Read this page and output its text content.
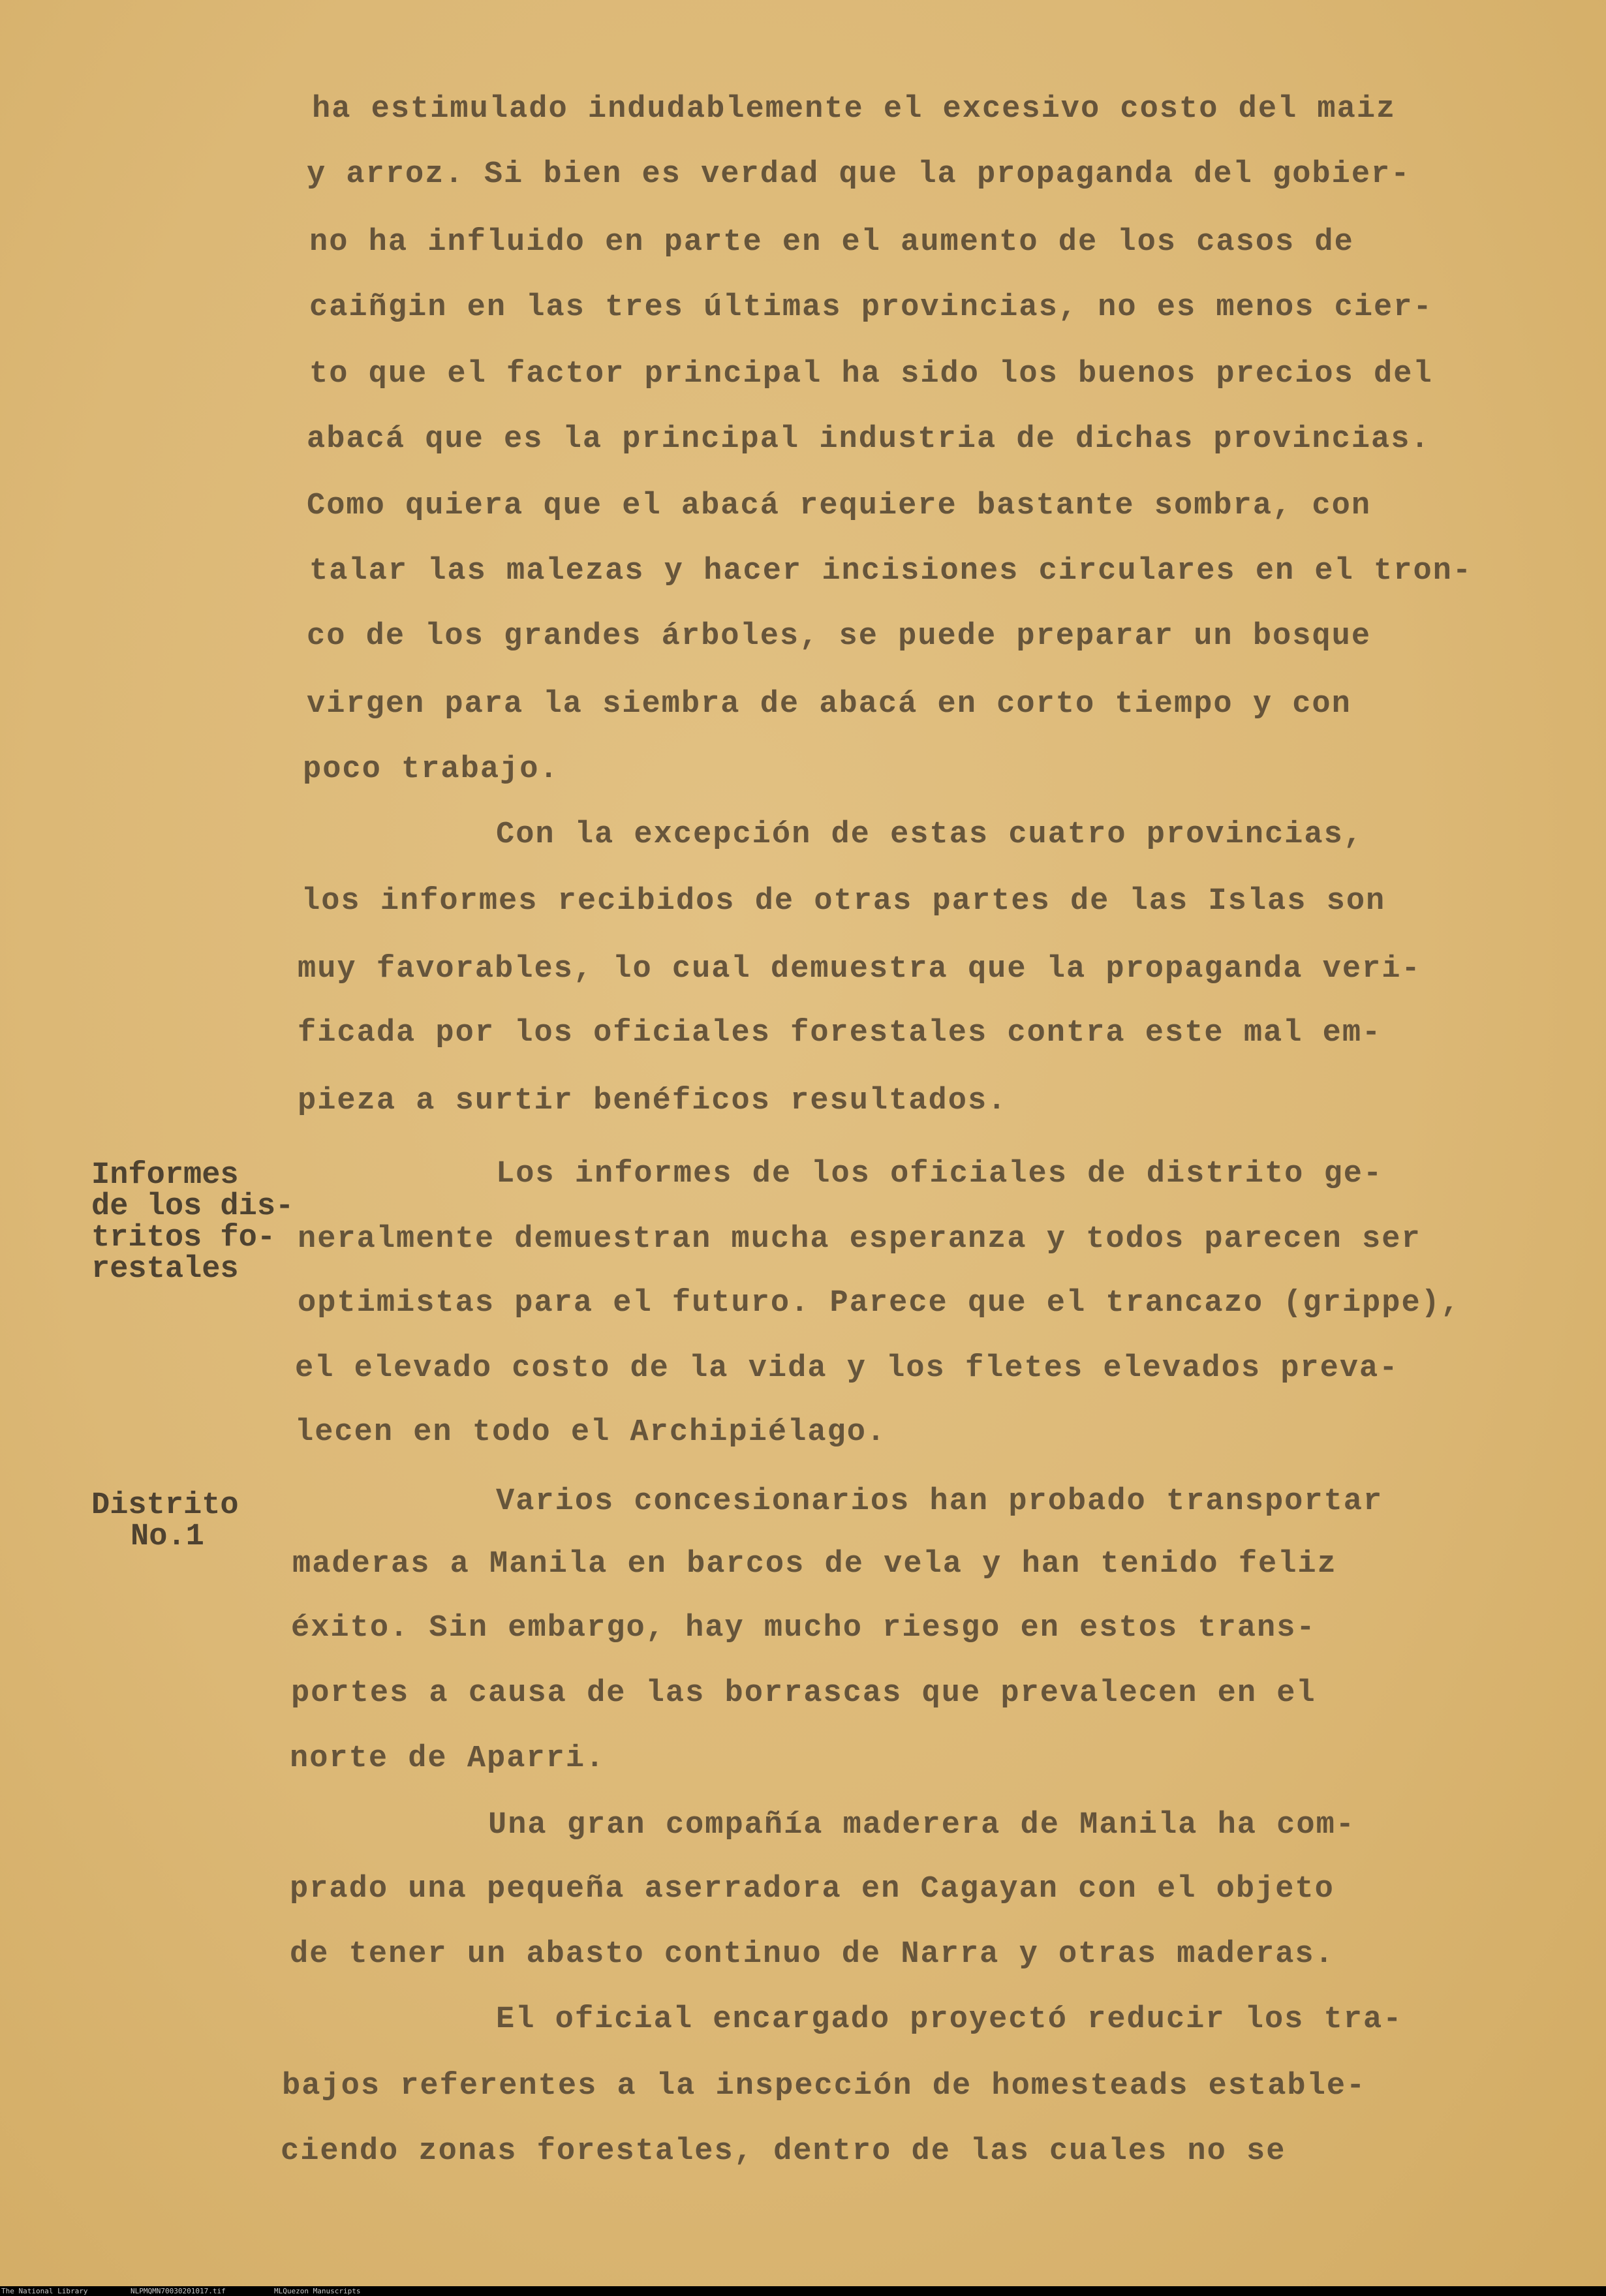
ha estimulado indudablemente el excesivo costo del maiz
y arroz. Si bien es verdad que la propaganda del gobier-
no ha influido en parte en el aumento de los casos de
caiñgin en las tres últimas provincias, no es menos cier-
to que el factor principal ha sido los buenos precios del
abacá que es la principal industria de dichas provincias.
Como quiera que el abacá requiere bastante sombra, con
talar las malezas y hacer incisiones circulares en el tron-
co de los grandes árboles, se puede preparar un bosque
virgen para la siembra de abacá en corto tiempo y con
poco trabajo.
Con la excepción de estas cuatro provincias,
los informes recibidos de otras partes de las Islas son
muy favorables, lo cual demuestra que la propaganda veri-
ficada por los oficiales forestales contra este mal em-
pieza a surtir benéficos resultados.
Los informes de los oficiales de distrito ge-
neralmente demuestran mucha esperanza y todos parecen ser
optimistas para el futuro. Parece que el trancazo (grippe),
el elevado costo de la vida y los fletes elevados preva-
lecen en todo el Archipiélago.
Varios concesionarios han probado transportar
maderas a Manila en barcos de vela y han tenido feliz
éxito. Sin embargo, hay mucho riesgo en estos trans-
portes a causa de las borrascas que prevalecen en el
norte de Aparri.
Una gran compañía maderera de Manila ha com-
prado una pequeña aserradora en Cagayan con el objeto
de tener un abasto continuo de Narra y otras maderas.
El oficial encargado proyectó reducir los tra-
bajos referentes a la inspección de homesteads estable-
ciendo zonas forestales, dentro de las cuales no se
Informes
de los dis-
tritos fo-
restales
Distrito
No.1
The National Library	NLPMQMN70030201017.tif	MLQuezon Manuscripts
